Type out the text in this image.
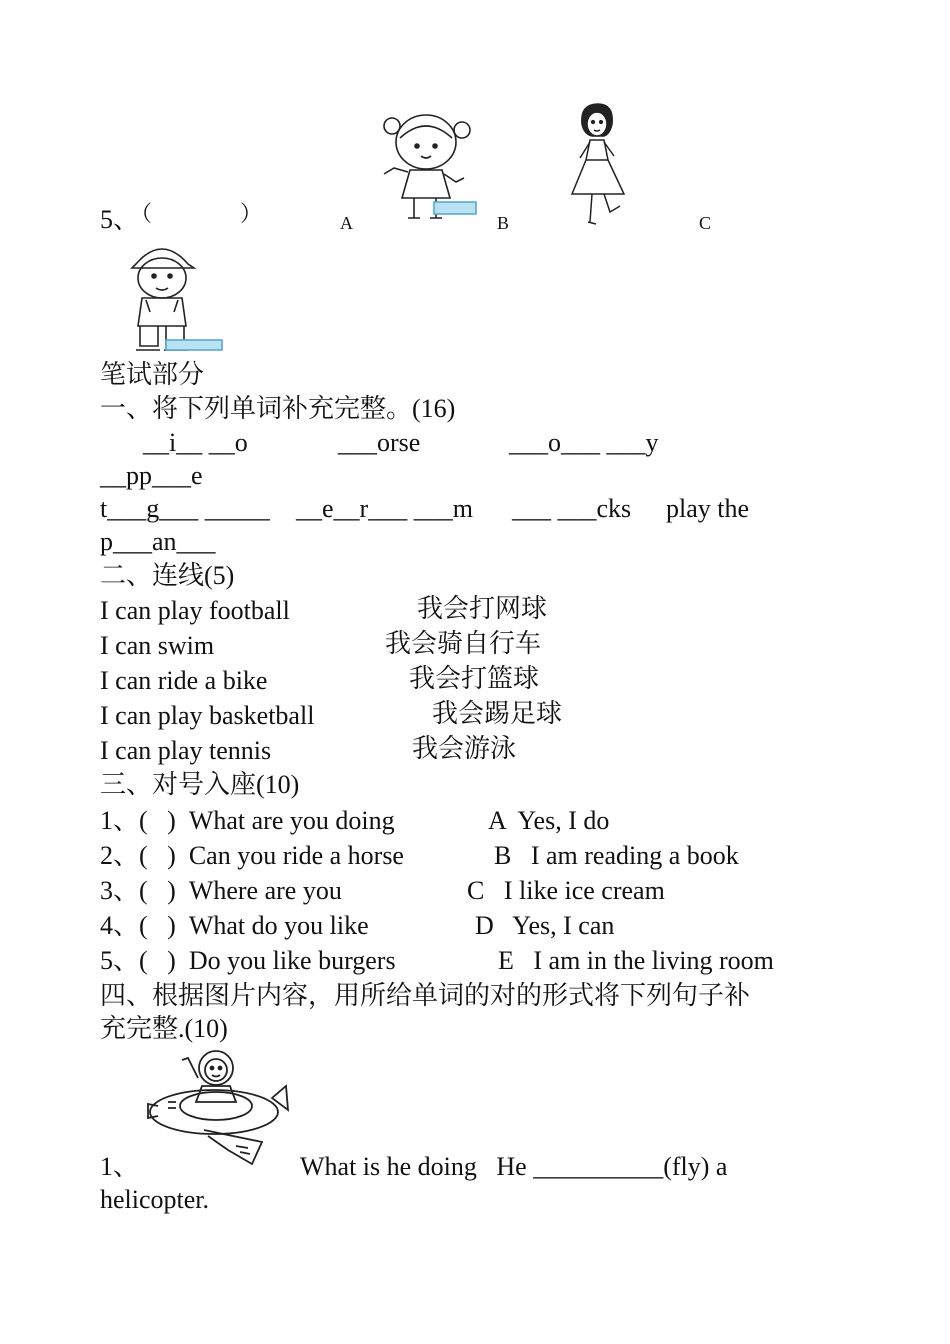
5、
（　　　　）	A	B	C
笔试部分
一、将下列单词补充完整。(16)
__i__ __o	___orse	___o___ ___y
__pp___e
t___g___ _____ __e__r___ ___m ___ ___cks play the
p___an___
二、连线(5)
I can play football	我会打网球
I can swim	我会骑自行车
I can ride a bike	我会打篮球
I can play basketball	我会踢足球
I can play tennis	我会游泳
三、对号入座(10)
1、(   )  What are you doing	A  Yes, I do
2、(   )  Can you ride a horse	B   I am reading a book
3、(   )  Where are you	C   I like ice cream
4、(   )  What do you like	D   Yes, I can
5、(   )  Do you like burgers	E   I am in the living room
四、根据图片内容，用所给单词的对的形式将下列句子补
充完整.(10)
1、	What is he doing   He __________(fly) a
helicopter.
